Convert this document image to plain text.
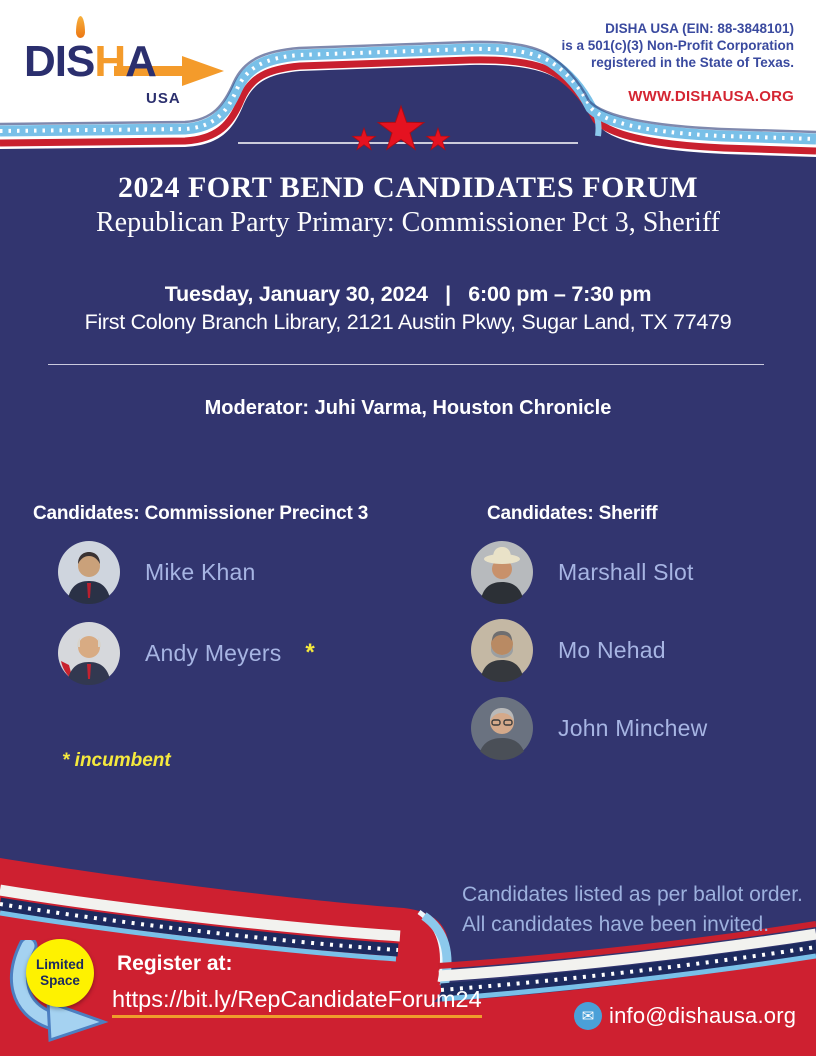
DISHA
USA
DISHA USA (EIN: 88-3848101)
is a 501(c)(3) Non-Profit Corporation
registered in the State of Texas.
WWW.DISHAUSA.ORG
2024 FORT BEND CANDIDATES FORUM
Republican Party Primary: Commissioner Pct 3, Sheriff
Tuesday, January 30, 2024   |   6:00 pm – 7:30 pm
First Colony Branch Library, 2121 Austin Pkwy, Sugar Land, TX 77479
Moderator: Juhi Varma, Houston Chronicle
Candidates: Commissioner Precinct 3	Candidates: Sheriff
Mike Khan
Andy Meyers *
Marshall Slot
Mo Nehad
John Minchew
* incumbent
Candidates listed as per ballot order.
All candidates have been invited.
Limited
Space
Register at:
https://bit.ly/RepCandidateForum24
✉ info@dishausa.org
